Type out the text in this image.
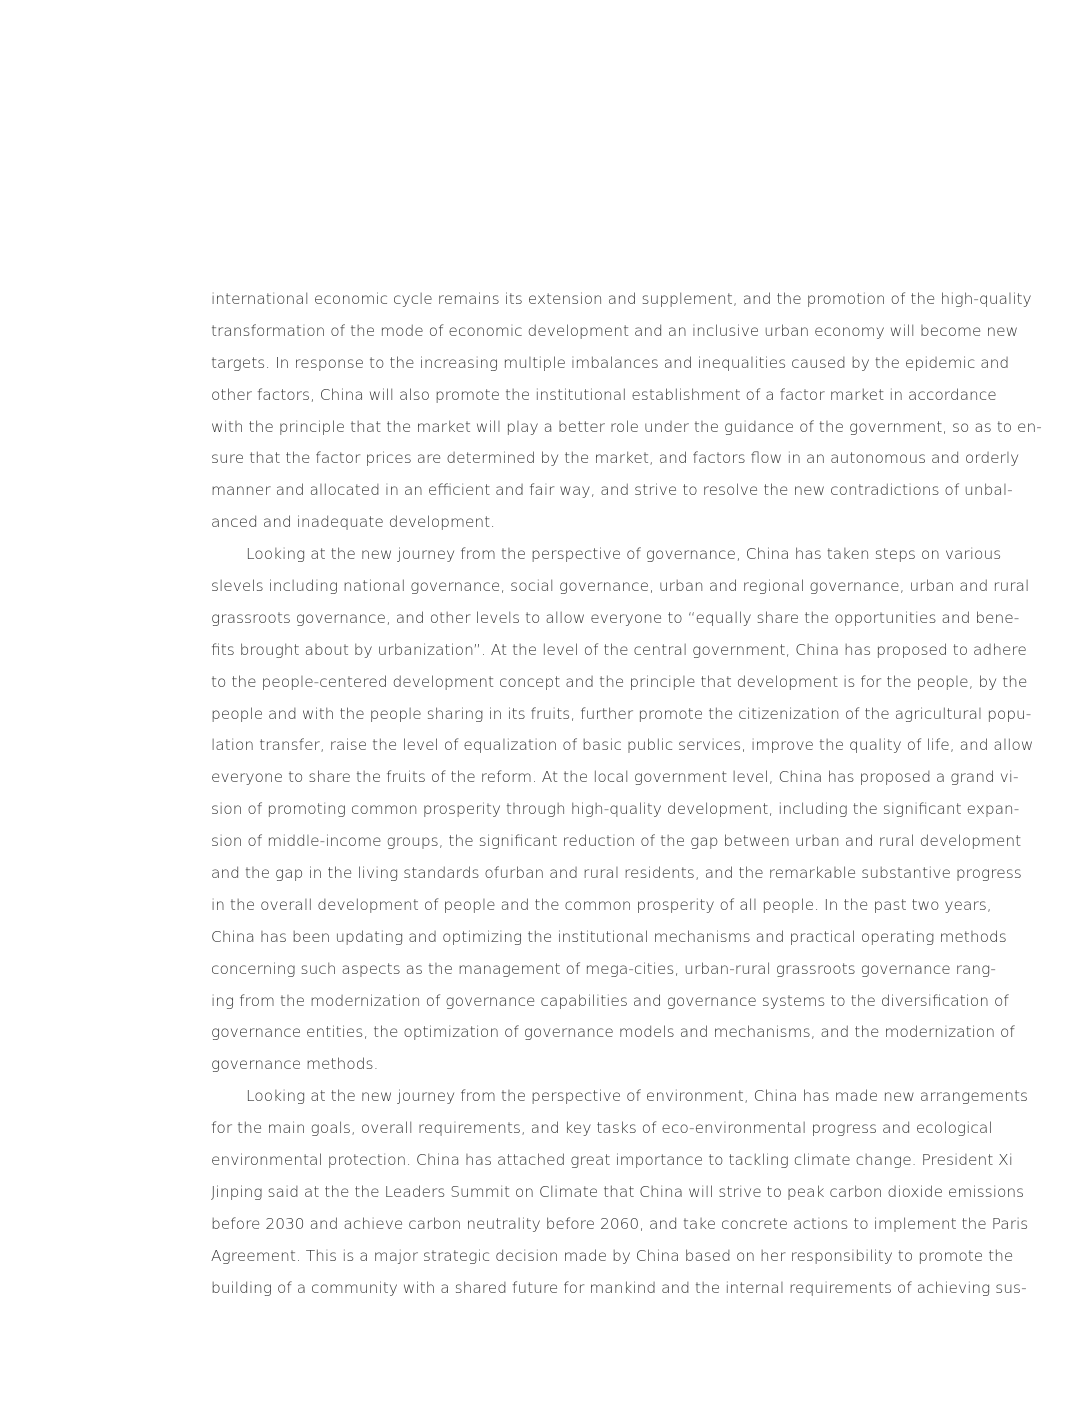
international economic cycle remains its extension and supplement, and the promotion of the high-quality
transformation of the mode of economic development and an inclusive urban economy will become new
targets. In response to the increasing multiple imbalances and inequalities caused by the epidemic and
other factors, China will also promote the institutional establishment of a factor market in accordance
with the principle that the market will play a better role under the guidance of the government, so as to en-
sure that the factor prices are determined by the market, and factors flow in an autonomous and orderly
manner and allocated in an efficient and fair way, and strive to resolve the new contradictions of unbal-
anced and inadequate development.
Looking at the new journey from the perspective of governance, China has taken steps on various
slevels including national governance, social governance, urban and regional governance, urban and rural
grassroots governance, and other levels to allow everyone to “equally share the opportunities and bene-
fits brought about by urbanization”. At the level of the central government, China has proposed to adhere
to the people-centered development concept and the principle that development is for the people, by the
people and with the people sharing in its fruits, further promote the citizenization of the agricultural popu-
lation transfer, raise the level of equalization of basic public services, improve the quality of life, and allow
everyone to share the fruits of the reform. At the local government level, China has proposed a grand vi-
sion of promoting common prosperity through high-quality development, including the significant expan-
sion of middle-income groups, the significant reduction of the gap between urban and rural development
and the gap in the living standards ofurban and rural residents, and the remarkable substantive progress
in the overall development of people and the common prosperity of all people. In the past two years,
China has been updating and optimizing the institutional mechanisms and practical operating methods
concerning such aspects as the management of mega-cities, urban-rural grassroots governance rang-
ing from the modernization of governance capabilities and governance systems to the diversification of
governance entities, the optimization of governance models and mechanisms, and the modernization of
governance methods.
Looking at the new journey from the perspective of environment, China has made new arrangements
for the main goals, overall requirements, and key tasks of eco-environmental progress and ecological
environmental protection. China has attached great importance to tackling climate change. President Xi
Jinping said at the the Leaders Summit on Climate that China will strive to peak carbon dioxide emissions
before 2030 and achieve carbon neutrality before 2060, and take concrete actions to implement the Paris
Agreement. This is a major strategic decision made by China based on her responsibility to promote the
building of a community with a shared future for mankind and the internal requirements of achieving sus-
